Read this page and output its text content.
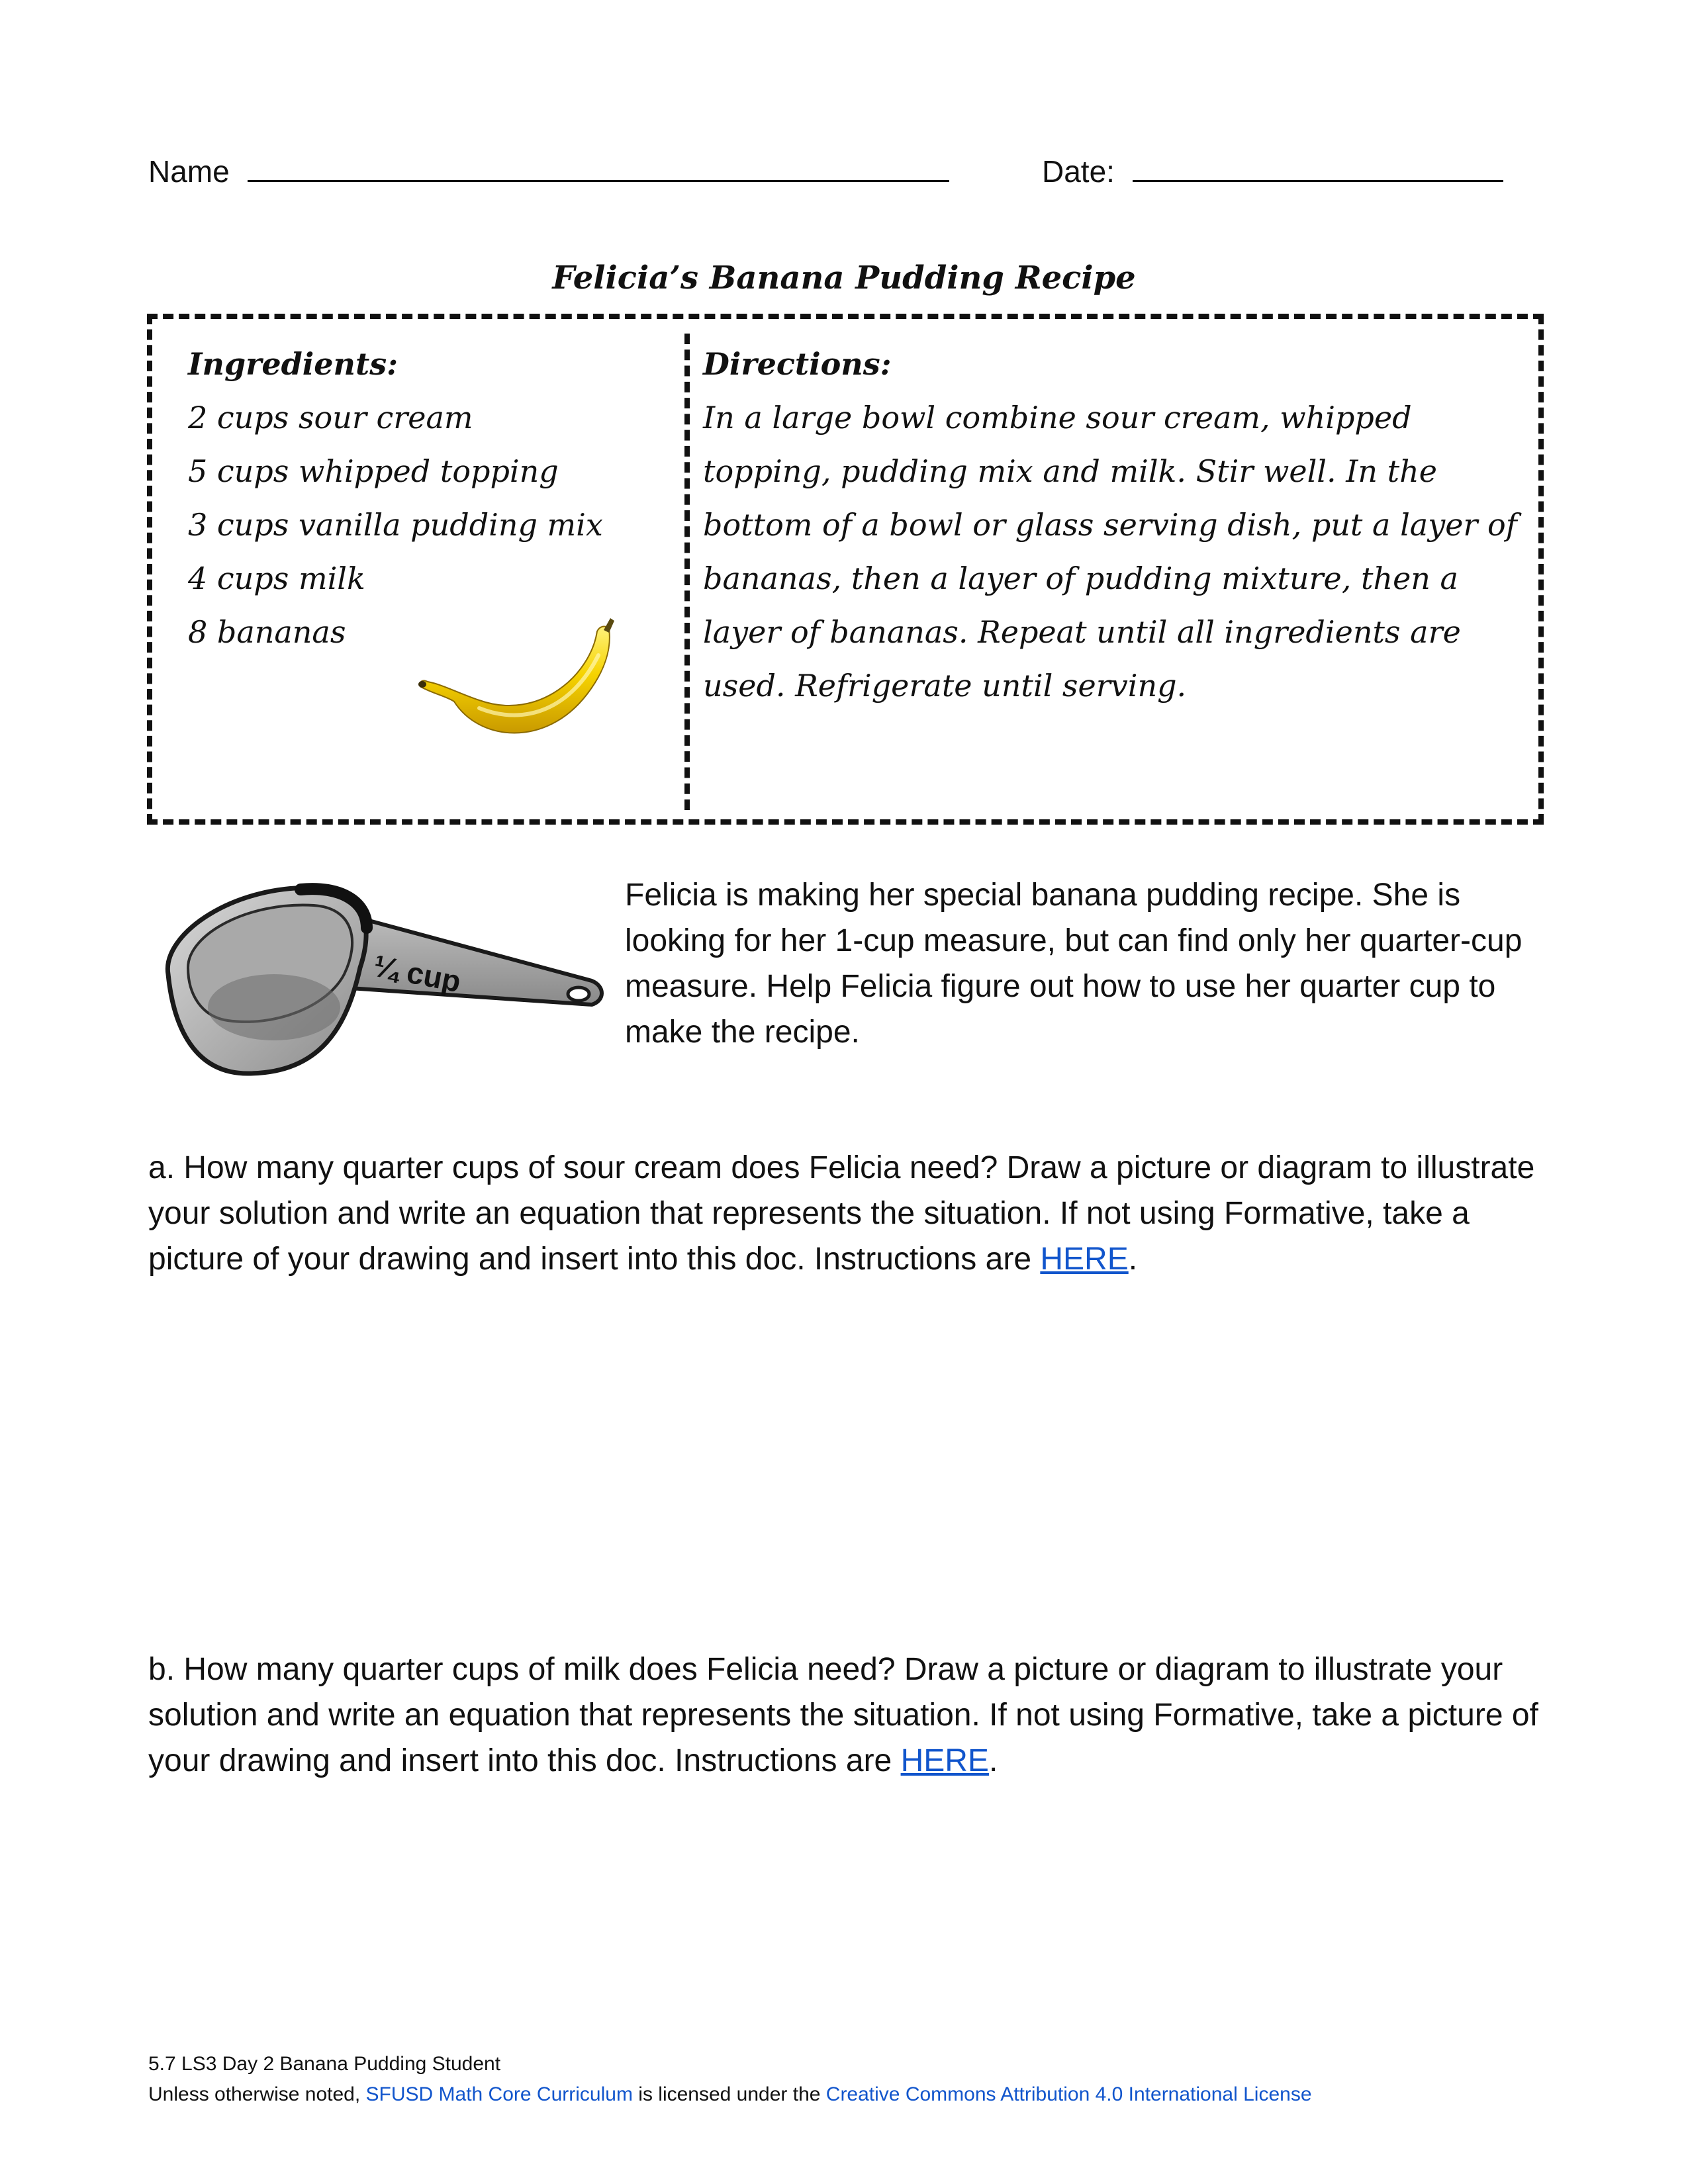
Name	Date:
Felicia’s Banana Pudding Recipe
Ingredients:
2 cups sour cream
5 cups whipped topping
3 cups vanilla pudding mix
4 cups milk
8 bananas
Directions:

In a large bowl combine sour cream, whipped topping, pudding mix and milk. Stir well. In the bottom of a bowl or glass serving dish, put a layer of bananas, then a layer of pudding mixture, then a layer of bananas. Repeat until all ingredients are used. Refrigerate until serving.

¼ cup

Felicia is making her special banana pudding recipe. She is looking for her 1-cup measure, but can find only her quarter-cup measure. Help Felicia figure out how to use her quarter cup to make the recipe.

a. How many quarter cups of sour cream does Felicia need? Draw a picture or diagram to illustrate your solution and write an equation that represents the situation. If not using Formative, take a picture of your drawing and insert into this doc. Instructions are HERE.

b. How many quarter cups of milk does Felicia need? Draw a picture or diagram to illustrate your solution and write an equation that represents the situation. If not using Formative, take a picture of your drawing and insert into this doc. Instructions are HERE.

5.7 LS3 Day 2 Banana Pudding Student
Unless otherwise noted, SFUSD Math Core Curriculum is licensed under the Creative Commons Attribution 4.0 International License
